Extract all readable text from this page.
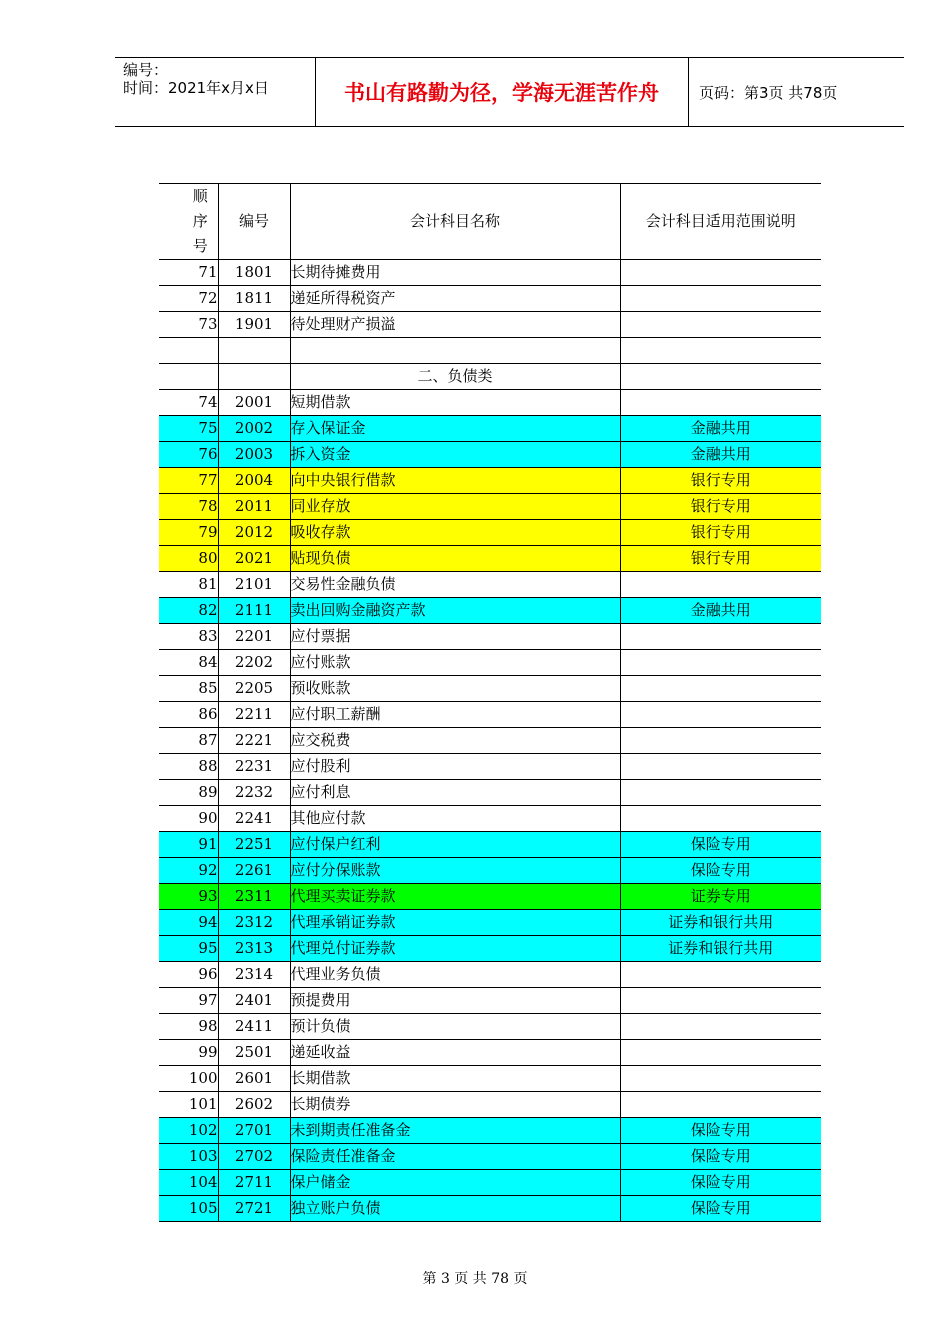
编号：
时间：2021年x月x日	书山有路勤为径，学海无涯苦作舟	页码：第3页 共78页
顺
序
号	编号	会计科目名称	会计科目适用范围说明
71	1801	长期待摊费用	
72	1811	递延所得税资产	
73	1901	待处理财产损溢	

		二、负债类	
74	2001	短期借款	
75	2002	存入保证金	金融共用
76	2003	拆入资金	金融共用
77	2004	向中央银行借款	银行专用
78	2011	同业存放	银行专用
79	2012	吸收存款	银行专用
80	2021	贴现负债	银行专用
81	2101	交易性金融负债	
82	2111	卖出回购金融资产款	金融共用
83	2201	应付票据	
84	2202	应付账款	
85	2205	预收账款	
86	2211	应付职工薪酬	
87	2221	应交税费	
88	2231	应付股利	
89	2232	应付利息	
90	2241	其他应付款	
91	2251	应付保户红利	保险专用
92	2261	应付分保账款	保险专用
93	2311	代理买卖证券款	证券专用
94	2312	代理承销证券款	证券和银行共用
95	2313	代理兑付证券款	证券和银行共用
96	2314	代理业务负债	
97	2401	预提费用	
98	2411	预计负债	
99	2501	递延收益	
100	2601	长期借款	
101	2602	长期债券	
102	2701	未到期责任准备金	保险专用
103	2702	保险责任准备金	保险专用
104	2711	保户储金	保险专用
105	2721	独立账户负债	保险专用
第 3 页 共 78 页
